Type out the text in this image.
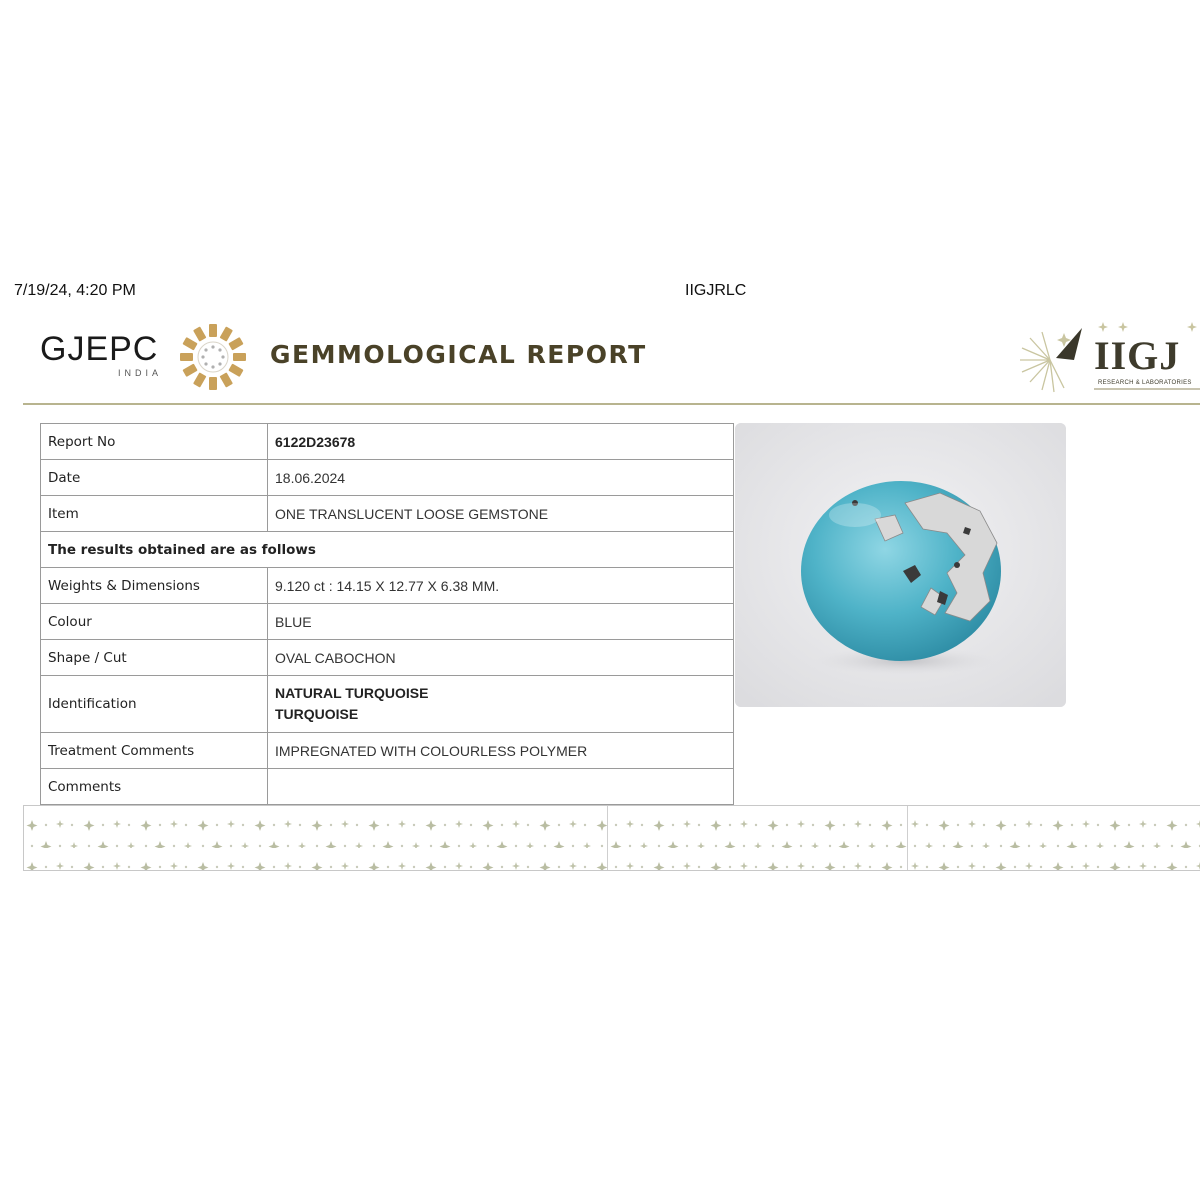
7/19/24, 4:20 PM	IIGJRLC
GJEPC
INDIA
GEMMOLOGICAL REPORT	IIGJ
RESEARCH & LABORATORIES
Report No	6122D23678
Date	18.06.2024
Item	ONE TRANSLUCENT LOOSE GEMSTONE
The results obtained are as follows	
Weights & Dimensions	9.120 ct : 14.15 X 12.77 X 6.38 MM.
Colour	BLUE
Shape / Cut	OVAL CABOCHON
Identification	NATURAL TURQUOISE
TURQUOISE

Treatment Comments	IMPREGNATED WITH COLOURLESS POLYMER
Comments	
